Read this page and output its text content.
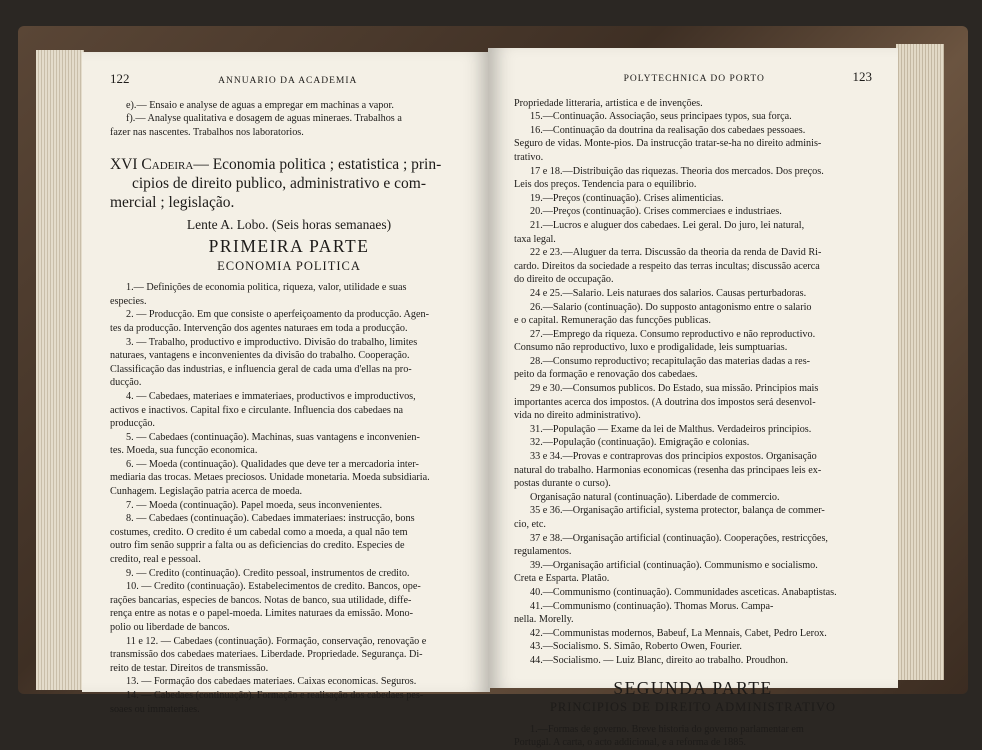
122	ANNUARIO DA ACADEMIA

e).— Ensaio e analyse de aguas a empregar em machinas a vapor.

f).— Analyse qualitativa e dosagem de aguas mineraes. Trabalhos a

fazer nas nascentes. Trabalhos nos laboratorios.

XVI Cadeira— Economia politica ; estatistica ; prin-
cipios de direito publico, administrativo e com-
mercial ; legislação.
Lente A. Lobo. (Seis horas semanaes)
PRIMEIRA PARTE
ECONOMIA POLITICA

1.— Definições de economia politica, riqueza, valor, utilidade e suas

especies.

2. — Producção. Em que consiste o aperfeiçoamento da producção. Agen-

tes da producção. Intervenção dos agentes naturaes em toda a producção.

3. — Trabalho, productivo e improductivo. Divisão do trabalho, limites

naturaes, vantagens e inconvenientes da divisão do trabalho. Cooperação.

Classificação das industrias, e influencia geral de cada uma d'ellas na pro-

ducção.

4. — Cabedaes, materiaes e immateriaes, productivos e improductivos,

activos e inactivos. Capital fixo e circulante. Influencia dos cabedaes na

producção.

5. — Cabedaes (continuação). Machinas, suas vantagens e inconvenien-

tes. Moeda, sua funcção economica.

6. — Moeda (continuação). Qualidades que deve ter a mercadoria inter-

mediaria das trocas. Metaes preciosos. Unidade monetaria. Moeda subsidiaria.

Cunhagem. Legislação patria acerca de moeda.

7. — Moeda (continuação). Papel moeda, seus inconvenientes.

8. — Cabedaes (continuação). Cabedaes immateriaes: instrucção, bons

costumes, credito. O credito é um cabedal como a moeda, a qual não tem

outro fim senão supprir a falta ou as deficiencias do credito. Especies de

credito, real e pessoal.

9. — Credito (continuação). Credito pessoal, instrumentos de credito.

10. — Credito (continuação). Estabelecimentos de credito. Bancos, ope-

rações bancarias, especies de bancos. Notas de banco, sua utilidade, diffe-

rença entre as notas e o papel-moeda. Limites naturaes da emissão. Mono-

polio ou liberdade de bancos.

11 e 12. — Cabedaes (continuação). Formação, conservação, renovação e

transmissão dos cabedaes materiaes. Liberdade. Propriedade. Segurança. Di-

reito de testar. Direitos de transmissão.

13. — Formação dos cabedaes materiaes. Caixas economicas. Seguros.

14. — Cabedaes (continuação). Formação e realisação dos cabedaes pes-

soaes ou immateriaes.

POLYTECHNICA DO PORTO	123

Propriedade litteraria, artistica e de invenções.

15.—Continuação. Associação, seus principaes typos, sua força.

16.—Continuação da doutrina da realisação dos cabedaes pessoaes.

Seguro de vidas. Monte-pios. Da instrucção tratar-se-ha no direito adminis-

trativo.

17 e 18.—Distribuição das riquezas. Theoria dos mercados. Dos preços.

Leis dos preços. Tendencia para o equilibrio.

19.—Preços (continuação). Crises alimenticias.

20.—Preços (continuação). Crises commerciaes e industriaes.

21.—Lucros e aluguer dos cabedaes. Lei geral. Do juro, lei natural,

taxa legal.

22 e 23.—Aluguer da terra. Discussão da theoria da renda de David Ri-

cardo. Direitos da sociedade a respeito das terras incultas; discussão acerca

do direito de occupação.

24 e 25.—Salario. Leis naturaes dos salarios. Causas perturbadoras.

26.—Salario (continuação). Do supposto antagonismo entre o salario

e o capital. Remuneração das funcções publicas.

27.—Emprego da riqueza. Consumo reproductivo e não reproductivo.

Consumo não reproductivo, luxo e prodigalidade, leis sumptuarias.

28.—Consumo reproductivo; recapitulação das materias dadas a res-

peito da formação e renovação dos cabedaes.

29 e 30.—Consumos publicos. Do Estado, sua missão. Principios mais

importantes acerca dos impostos. (A doutrina dos impostos será desenvol-

vida no direito administrativo).

31.—População — Exame da lei de Malthus. Verdadeiros principios.

32.—População (continuação). Emigração e colonias.

33 e 34.—Provas e contraprovas dos principios expostos. Organisação

natural do trabalho. Harmonias economicas (resenha das principaes leis ex-

postas durante o curso).

Organisação natural (continuação). Liberdade de commercio.

35 e 36.—Organisação artificial, systema protector, balança de commer-

cio, etc.

37 e 38.—Organisação artificial (continuação). Cooperações, restricções,

regulamentos.

39.—Organisação artificial (continuação). Communismo e socialismo.

Creta e Esparta. Platão.

40.—Communismo (continuação). Communidades asceticas. Anabaptistas.

41.—Communismo (continuação). Thomas Morus. Campa-

nella. Morelly.

42.—Communistas modernos, Babeuf, La Mennais, Cabet, Pedro Lerox.

43.—Socialismo. S. Simão, Roberto Owen, Fourier.

44.—Socialismo. — Luiz Blanc, direito ao trabalho. Proudhon.

SEGUNDA PARTE
PRINCIPIOS DE DIREITO ADMINISTRATIVO

1.—Formas de governo. Breve historia do governo parlamentar em

Portugal. A carta, o acto addicional, e a reforma de 1885.
